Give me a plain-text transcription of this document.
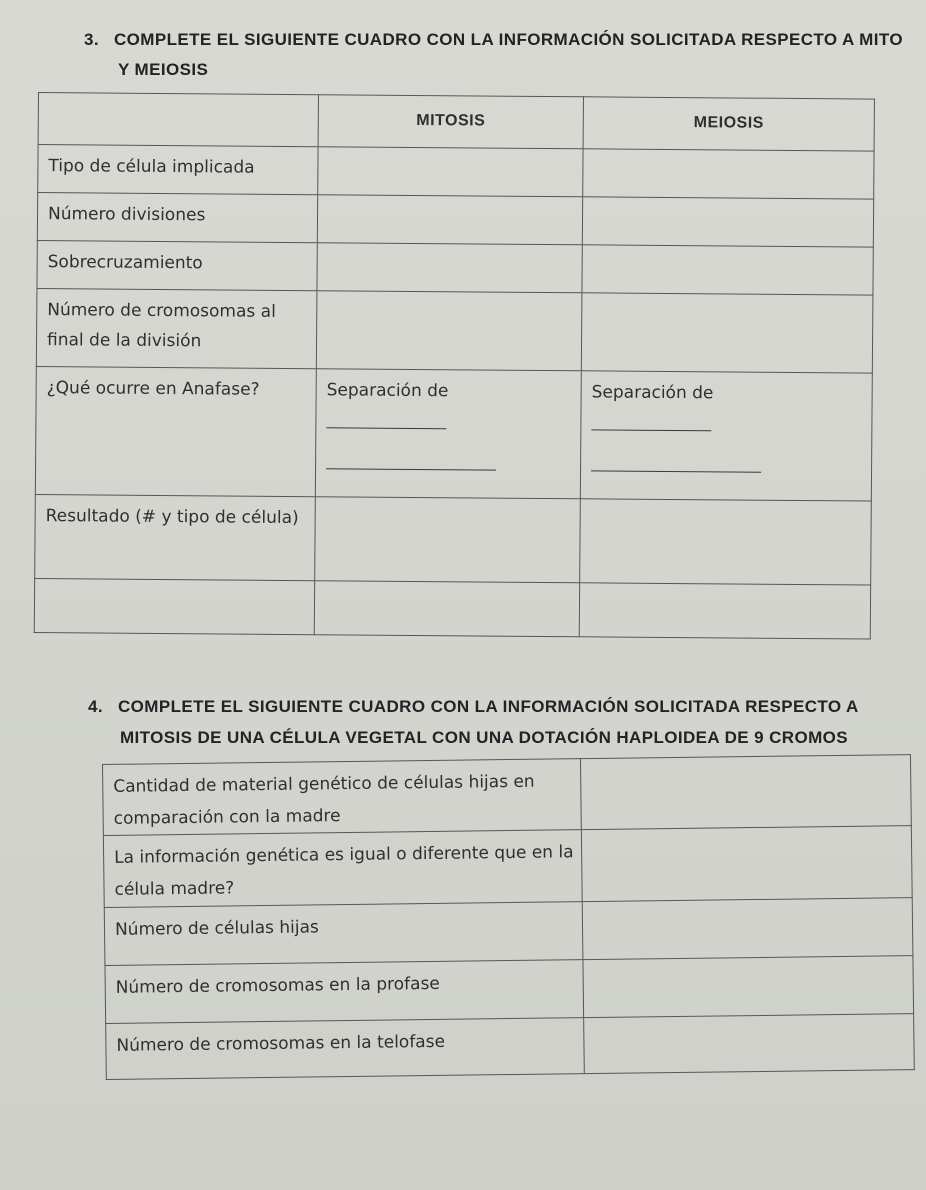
3. COMPLETE EL SIGUIENTE CUADRO CON LA INFORMACIÓN SOLICITADA RESPECTO A MITO

Y MEIOSIS

	MITOSIS	MEIOSIS
Tipo de célula implicada		
Número divisiones		
Sobrecruzamiento		
Número de cromosomas al final de la división		
¿Qué ocurre en Anafase?	Separación de	Separación de

Resultado (# y tipo de célula)		

4. COMPLETE EL SIGUIENTE CUADRO CON LA INFORMACIÓN SOLICITADA RESPECTO A

MITOSIS DE UNA CÉLULA VEGETAL CON UNA DOTACIÓN HAPLOIDEA DE 9 CROMOS

Cantidad de material genético de células hijas en comparación con la madre	
La información genética es igual o diferente que en la célula madre?	
Número de células hijas	
Número de cromosomas en la profase	
Número de cromosomas en la telofase	
